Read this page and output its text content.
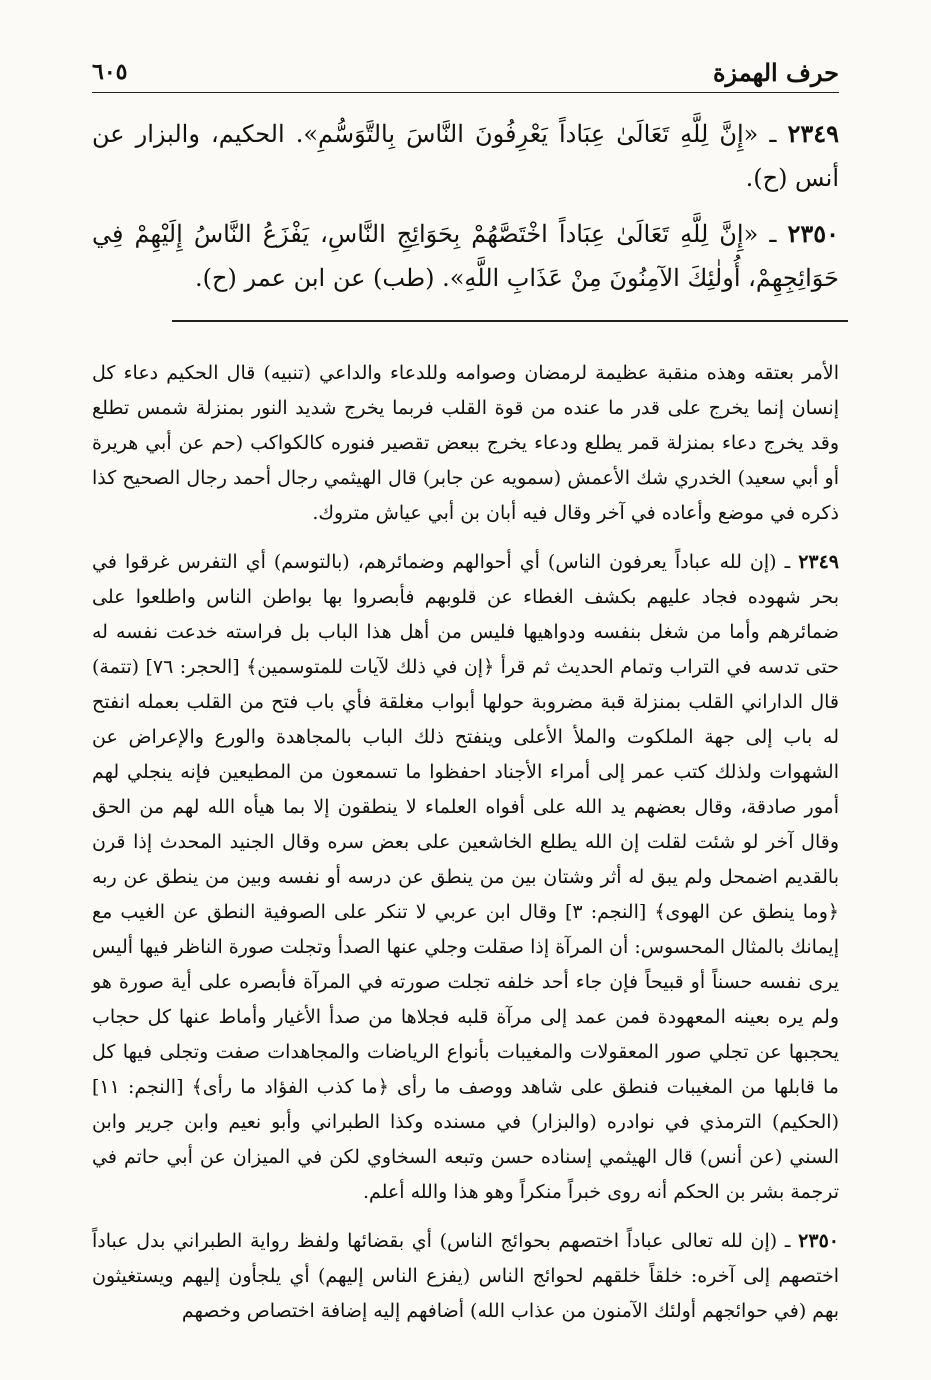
حرف الهمزة
٦٠٥

٢٣٤٩ ـ «إِنَّ لِلَّهِ تَعَالَىٰ عِبَاداً يَعْرِفُونَ النَّاسَ بِالتَّوَسُّمِ». الحكيم، والبزار عن أنس (ح).

٢٣٥٠ ـ «إِنَّ لِلَّهِ تَعَالَىٰ عِبَاداً اخْتَصَّهُمْ بِحَوَائِجِ النَّاسِ، يَفْزَعُ النَّاسُ إِلَيْهِمْ فِي حَوَائِجِهِمْ، أُولٰئِكَ الآمِنُونَ مِنْ عَذَابِ اللَّهِ». (طب) عن ابن عمر (ح).

الأمر بعتقه وهذه منقبة عظيمة لرمضان وصوامه وللدعاء والداعي (تنبيه) قال الحكيم دعاء كل إنسان إنما يخرج على قدر ما عنده من قوة القلب فربما يخرج شديد النور بمنزلة شمس تطلع وقد يخرج دعاء بمنزلة قمر يطلع ودعاء يخرج ببعض تقصير فنوره كالكواكب (حم عن أبي هريرة أو أبي سعيد) الخدري شك الأعمش (سمويه عن جابر) قال الهيثمي رجال أحمد رجال الصحيح كذا ذكره في موضع وأعاده في آخر وقال فيه أبان بن أبي عياش متروك.

٢٣٤٩ ـ (إن لله عباداً يعرفون الناس) أي أحوالهم وضمائرهم، (بالتوسم) أي التفرس غرقوا في بحر شهوده فجاد عليهم بكشف الغطاء عن قلوبهم فأبصروا بها بواطن الناس واطلعوا على ضمائرهم وأما من شغل بنفسه ودواهيها فليس من أهل هذا الباب بل فراسته خدعت نفسه له حتى تدسه في التراب وتمام الحديث ثم قرأ ﴿إن في ذلك لآيات للمتوسمين﴾ [الحجر: ٧٦] (تتمة) قال الداراني القلب بمنزلة قبة مضروبة حولها أبواب مغلقة فأي باب فتح من القلب بعمله انفتح له باب إلى جهة الملكوت والملأ الأعلى وينفتح ذلك الباب بالمجاهدة والورع والإعراض عن الشهوات ولذلك كتب عمر إلى أمراء الأجناد احفظوا ما تسمعون من المطيعين فإنه ينجلي لهم أمور صادقة، وقال بعضهم يد الله على أفواه العلماء لا ينطقون إلا بما هيأه الله لهم من الحق وقال آخر لو شئت لقلت إن الله يطلع الخاشعين على بعض سره وقال الجنيد المحدث إذا قرن بالقديم اضمحل ولم يبق له أثر وشتان بين من ينطق عن درسه أو نفسه وبين من ينطق عن ربه ﴿وما ينطق عن الهوى﴾ [النجم: ٣] وقال ابن عربي لا تنكر على الصوفية النطق عن الغيب مع إيمانك بالمثال المحسوس: أن المرآة إذا صقلت وجلي عنها الصدأ وتجلت صورة الناظر فيها أليس يرى نفسه حسناً أو قبيحاً فإن جاء أحد خلفه تجلت صورته في المرآة فأبصره على أية صورة هو ولم يره بعينه المعهودة فمن عمد إلى مرآة قلبه فجلاها من صدأ الأغيار وأماط عنها كل حجاب يحجبها عن تجلي صور المعقولات والمغيبات بأنواع الرياضات والمجاهدات صفت وتجلى فيها كل ما قابلها من المغيبات فنطق على شاهد ووصف ما رأى ﴿ما كذب الفؤاد ما رأى﴾ [النجم: ١١] (الحكيم) الترمذي في نوادره (والبزار) في مسنده وكذا الطبراني وأبو نعيم وابن جرير وابن السني (عن أنس) قال الهيثمي إسناده حسن وتبعه السخاوي لكن في الميزان عن أبي حاتم في ترجمة بشر بن الحكم أنه روى خبراً منكراً وهو هذا والله أعلم.

٢٣٥٠ ـ (إن لله تعالى عباداً اختصهم بحوائج الناس) أي بقضائها ولفظ رواية الطبراني بدل عباداً اختصهم إلى آخره: خلقاً خلقهم لحوائج الناس (يفزع الناس إليهم) أي يلجأون إليهم ويستغيثون بهم (في حوائجهم أولئك الآمنون من عذاب الله) أضافهم إليه إضافة اختصاص وخصهم
